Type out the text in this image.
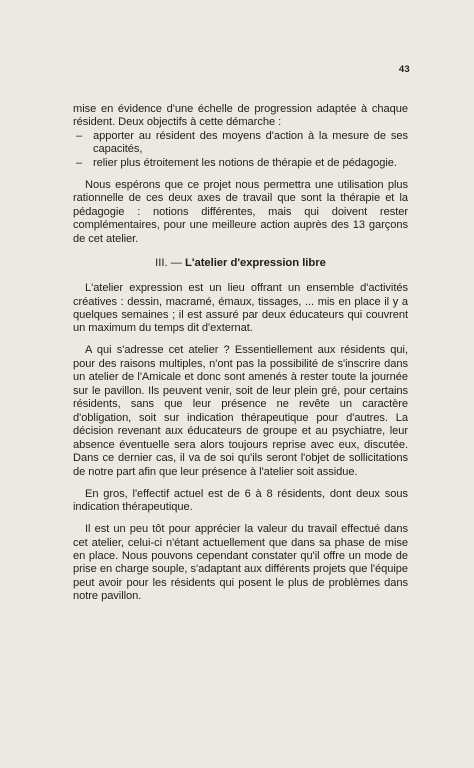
43

mise en évidence d'une échelle de progression adaptée à chaque résident. Deux objectifs à cette démarche :

– apporter au résident des moyens d'action à la mesure de ses capacités,
– relier plus étroitement les notions de thérapie et de pédagogie.

Nous espérons que ce projet nous permettra une utilisation plus rationnelle de ces deux axes de travail que sont la thérapie et la pédagogie : notions différentes, mais qui doivent rester complémentaires, pour une meilleure action auprès des 13 garçons de cet atelier.

III. — L'atelier d'expression libre

L'atelier expression est un lieu offrant un ensemble d'activités créatives : dessin, macramé, émaux, tissages, ... mis en place il y a quelques semaines ; il est assuré par deux éducateurs qui couvrent un maximum du temps dit d'externat.

A qui s'adresse cet atelier ? Essentiellement aux résidents qui, pour des raisons multiples, n'ont pas la possibilité de s'inscrire dans un atelier de l'Amicale et donc sont amenés à rester toute la journée sur le pavillon. Ils peuvent venir, soit de leur plein gré, pour certains résidents, sans que leur présence ne revête un caractère d'obligation, soit sur indication thérapeutique pour d'autres. La décision revenant aux éducateurs de groupe et au psychiatre, leur absence éventuelle sera alors toujours reprise avec eux, discutée. Dans ce dernier cas, il va de soi qu'ils seront l'objet de sollicitations de notre part afin que leur présence à l'atelier soit assidue.

En gros, l'effectif actuel est de 6 à 8 résidents, dont deux sous indication thérapeutique.

Il est un peu tôt pour apprécier la valeur du travail effectué dans cet atelier, celui-ci n'étant actuellement que dans sa phase de mise en place. Nous pouvons cependant constater qu'il offre un mode de prise en charge souple, s'adaptant aux différents projets que l'équipe peut avoir pour les résidents qui posent le plus de problèmes dans notre pavillon.
